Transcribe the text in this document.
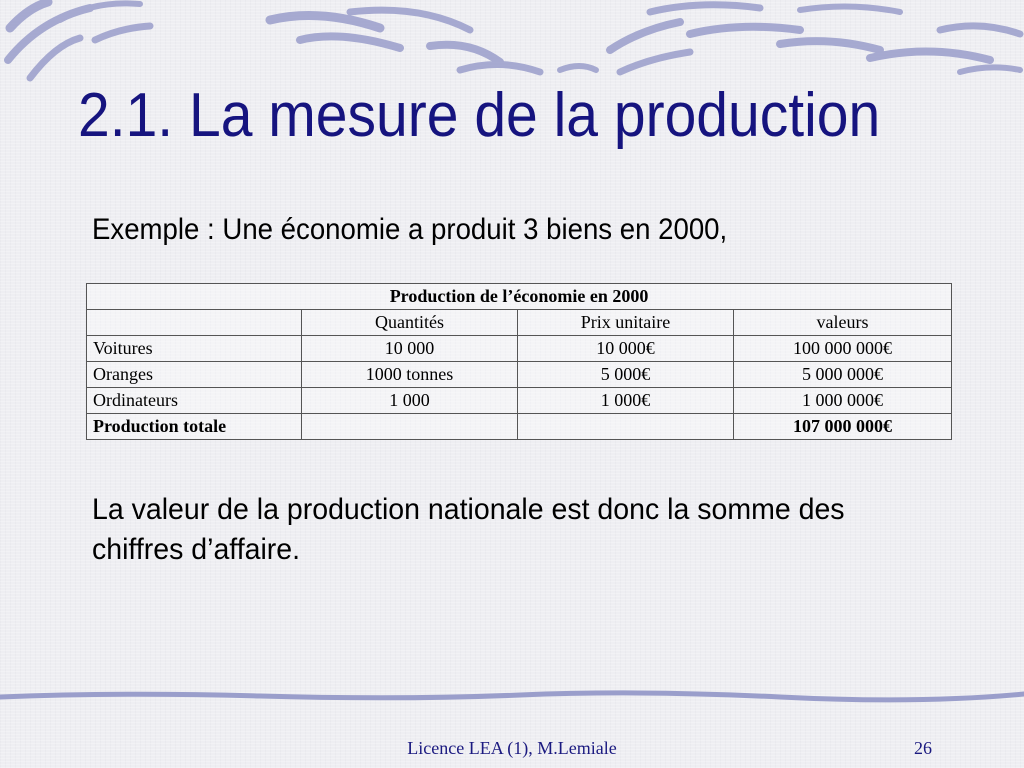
2.1. La mesure de la production

Exemple : Une économie a produit 3 biens en 2000,

Production de l’économie en 2000			
	Quantités	Prix unitaire	valeurs
Voitures	10 000	10 000€	100 000 000€
Oranges	1000 tonnes	5 000€	5 000 000€
Ordinateurs	1 000	1 000€	1 000 000€
Production totale			107 000 000€

La valeur de la production nationale est donc la somme des chiffres d’affaire.

Licence LEA (1), M.Lemiale	26
